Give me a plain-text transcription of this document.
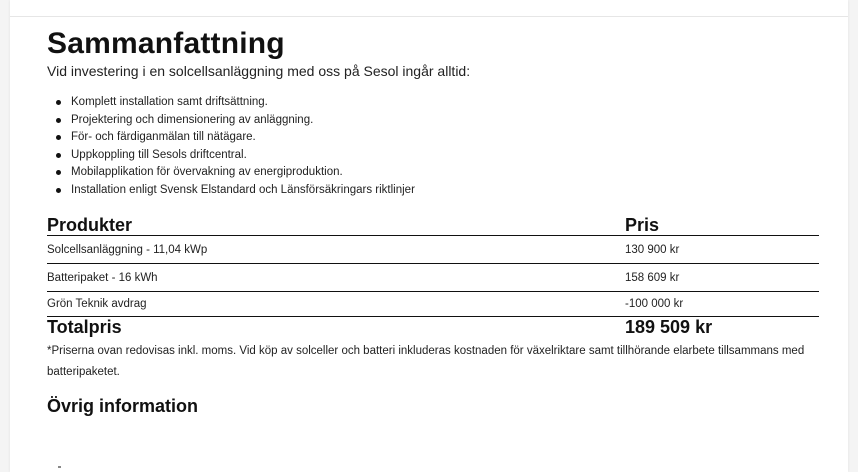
Sammanfattning

Vid investering i en solcellsanläggning med oss på Sesol ingår alltid:

Komplett installation samt driftsättning.
Projektering och dimensionering av anläggning.
För- och färdiganmälan till nätägare.
Uppkoppling till Sesols driftcentral.
Mobilapplikation för övervakning av energiproduktion.
Installation enligt Svensk Elstandard och Länsförsäkringars riktlinjer
Produkter	Pris
Solcellsanläggning - 11,04 kWp	130 900 kr
Batteripaket - 16 kWh	158 609 kr
Grön Teknik avdrag	-100 000 kr
Totalpris	189 509 kr

*Priserna ovan redovisas inkl. moms. Vid köp av solceller och batteri inkluderas kostnaden för växelriktare samt tillhörande elarbete tillsammans med batteripaketet.

Övrig information
